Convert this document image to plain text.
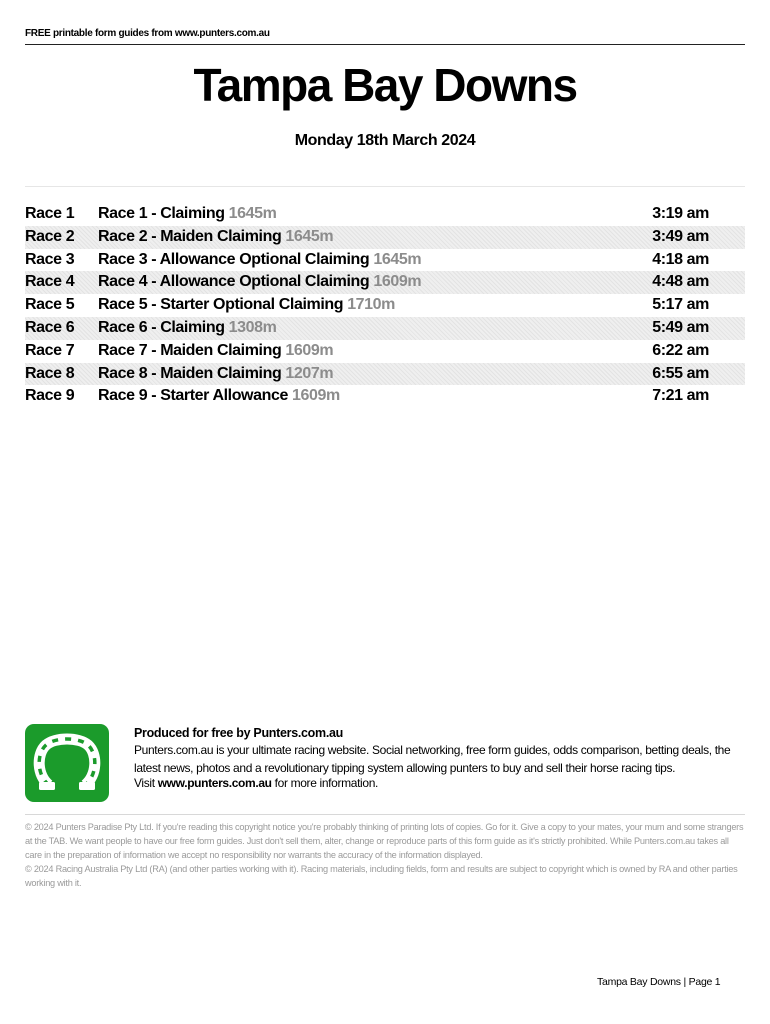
FREE printable form guides from www.punters.com.au
Tampa Bay Downs
Monday 18th March 2024
Race 1 Race 1 - Claiming 1645m	3:19 am
Race 2 Race 2 - Maiden Claiming 1645m	3:49 am
Race 3 Race 3 - Allowance Optional Claiming 1645m	4:18 am
Race 4 Race 4 - Allowance Optional Claiming 1609m	4:48 am
Race 5 Race 5 - Starter Optional Claiming 1710m	5:17 am
Race 6 Race 6 - Claiming 1308m	5:49 am
Race 7 Race 7 - Maiden Claiming 1609m	6:22 am
Race 8 Race 8 - Maiden Claiming 1207m	6:55 am
Race 9 Race 9 - Starter Allowance 1609m	7:21 am
Produced for free by Punters.com.au
Punters.com.au is your ultimate racing website. Social networking, free form guides, odds comparison, betting deals, the latest news, photos and a revolutionary tipping system allowing punters to buy and sell their horse racing tips.
Visit www.punters.com.au for more information.

© 2024 Punters Paradise Pty Ltd. If you're reading this copyright notice you're probably thinking of printing lots of copies. Go for it. Give a copy to your mates, your mum and some strangers at the TAB. We want people to have our free form guides. Just don't sell them, alter, change or reproduce parts of this form guide as it's strictly prohibited. While Punters.com.au takes all care in the preparation of information we accept no responsibility nor warrants the accuracy of the information displayed.

© 2024 Racing Australia Pty Ltd (RA) (and other parties working with it). Racing materials, including fields, form and results are subject to copyright which is owned by RA and other parties working with it.

Tampa Bay Downs | Page 1
